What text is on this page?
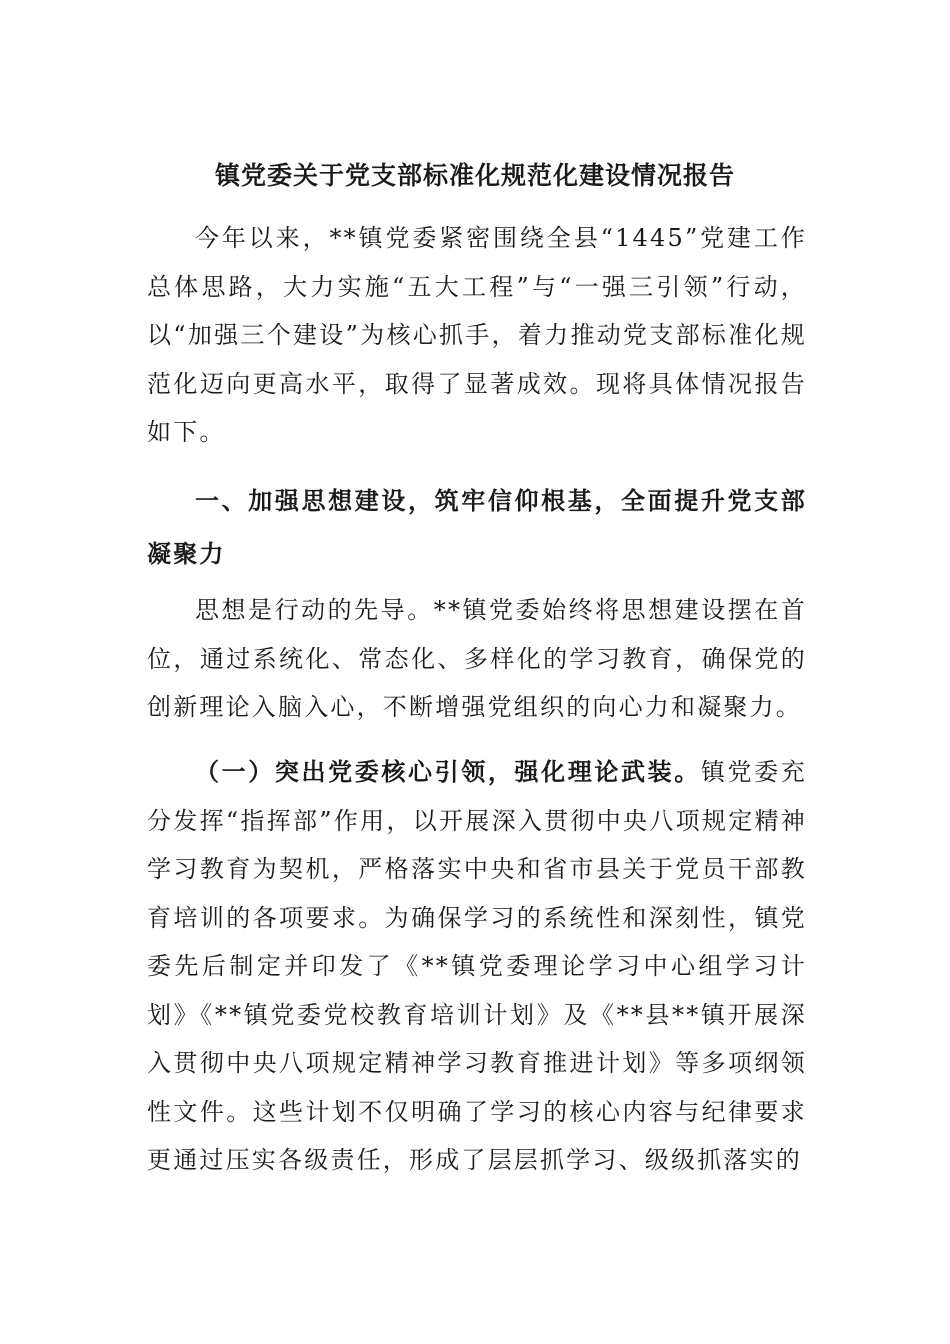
镇党委关于党支部标准化规范化建设情况报告

今年以来，**镇党委紧密围绕全县“1445”党建工作总体思路，大力实施“五大工程”与“一强三引领”行动，以“加强三个建设”为核心抓手，着力推动党支部标准化规范化迈向更高水平，取得了显著成效。现将具体情况报告如下。

一、加强思想建设，筑牢信仰根基，全面提升党支部凝聚力

思想是行动的先导。**镇党委始终将思想建设摆在首位，通过系统化、常态化、多样化的学习教育，确保党的创新理论入脑入心，不断增强党组织的向心力和凝聚力。

（一）突出党委核心引领，强化理论武装。镇党委充分发挥“指挥部”作用，以开展深入贯彻中央八项规定精神学习教育为契机，严格落实中央和省市县关于党员干部教育培训的各项要求。为确保学习的系统性和深刻性，镇党委先后制定并印发了《**镇党委理论学习中心组学习计划》《**镇党委党校教育培训计划》及《**县**镇开展深入贯彻中央八项规定精神学习教育推进计划》等多项纲领性文件。这些计划不仅明确了学习的核心内容与纪律要求更通过压实各级责任，形成了层层抓学习、级级抓落实的
